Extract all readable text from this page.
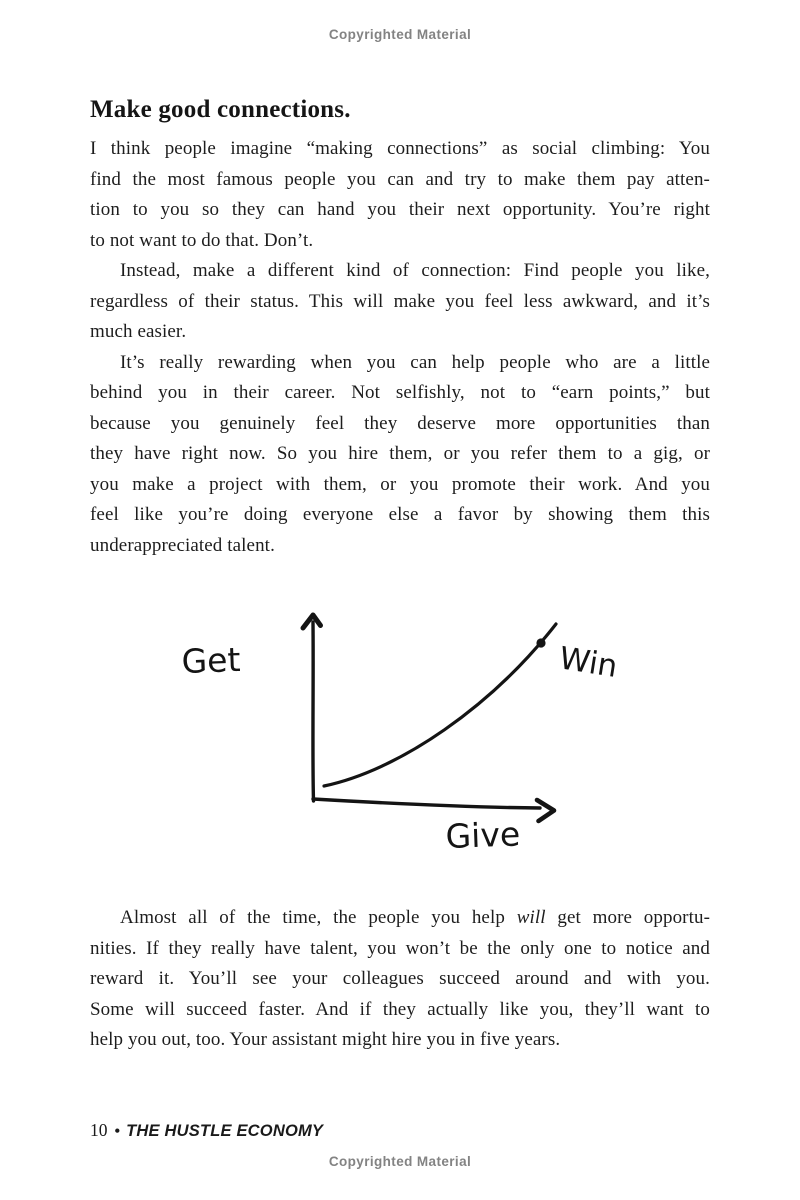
Copyrighted Material
Make good connections.
I think people imagine “making connections” as social climbing: You
find the most famous people you can and try to make them pay atten-
tion to you so they can hand you their next opportunity. You’re right
to not want to do that. Don’t.
Instead, make a different kind of connection: Find people you like,
regardless of their status. This will make you feel less awkward, and it’s
much easier.
It’s really rewarding when you can help people who are a little
behind you in their career. Not selfishly, not to “earn points,” but
because you genuinely feel they deserve more opportunities than
they have right now. So you hire them, or you refer them to a gig, or
you make a project with them, or you promote their work. And you
feel like you’re doing everyone else a favor by showing them this
underappreciated talent.
Get	Win
Give
Almost all of the time, the people you help will get more opportu-
nities. If they really have talent, you won’t be the only one to notice and
reward it. You’ll see your colleagues succeed around and with you.
Some will succeed faster. And if they actually like you, they’ll want to
help you out, too. Your assistant might hire you in five years.
10 • THE HUSTLE ECONOMY
Copyrighted Material
